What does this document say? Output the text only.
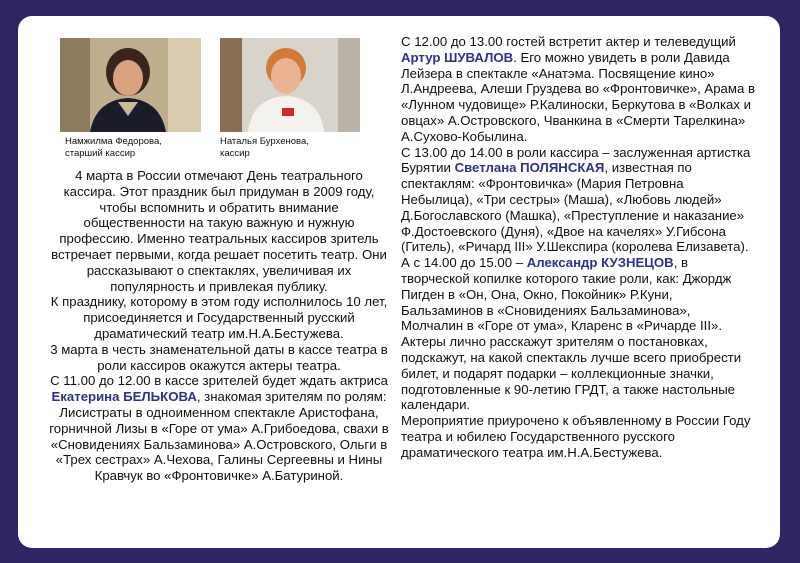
Намжилма Федорова,
старший кассир
Наталья Бурхенова,
кассир

4 марта в России отмечают День театрального кассира. Этот праздник был придуман в 2009 году, чтобы вспомнить и обратить внимание общественности на такую важную и нужную профессию. Именно театральных кассиров зритель встречает первыми, когда решает посетить театр. Они рассказывают о спектаклях, увеличивая их популярность и привлекая публику.

К празднику, которому в этом году исполнилось 10 лет, присоединяется и Государственный русский драматический театр им.Н.А.Бестужева.

3 марта в честь знаменательной даты в кассе театра в роли кассиров окажутся актеры театра.

С 11.00 до 12.00 в кассе зрителей будет ждать актриса Екатерина БЕЛЬКОВА, знакомая зрителям по ролям: Лисистраты в одноименном спектакле Аристофана, горничной Лизы в «Горе от ума» А.Грибоедова, свахи в «Сновидениях Бальзаминова» А.Островского, Ольги в «Трех сестрах» А.Чехова, Галины Сергеевны и Нины Кравчук во «Фронтовичке» А.Батуриной.

С 12.00 до 13.00 гостей встретит актер и телеведущий Артур ШУВАЛОВ. Его можно увидеть в роли Давида Лейзера в спектакле «Анатэма. Посвящение кино» Л.Андреева, Алеши Груздева во «Фронтовичке», Арама в «Лунном чудовище» Р.Калиноски, Беркутова в «Волках и овцах» А.Островского, Чванкина в «Смерти Тарелкина» А.Сухово-Кобылина.

С 13.00 до 14.00 в роли кассира – заслуженная артистка Бурятии Светлана ПОЛЯНСКАЯ, известная по спектаклям: «Фронтовичка» (Мария Петровна Небылица), «Три сестры» (Маша), «Любовь людей» Д.Богославского (Машка), «Преступление и наказание» Ф.Достоевского (Дуня), «Двое на качелях» У.Гибсона (Гитель), «Ричард III» У.Шекспира (королева Елизавета). А с 14.00 до 15.00 – Александр КУЗНЕЦОВ, в творческой копилке которого такие роли, как: Джордж Пигден в «Он, Она, Окно, Покойник» Р.Куни, Бальзаминов в «Сновидениях Бальзаминова», Молчалин в «Горе от ума», Кларенс в «Ричарде III».

Актеры лично расскажут зрителям о постановках, подскажут, на какой спектакль лучше всего приобрести билет, и подарят подарки – коллекционные значки, подготовленные к 90-летию ГРДТ, а также настольные календари.

Мероприятие приурочено к объявленному в России Году театра и юбилею Государственного русского драматического театра им.Н.А.Бестужева.
